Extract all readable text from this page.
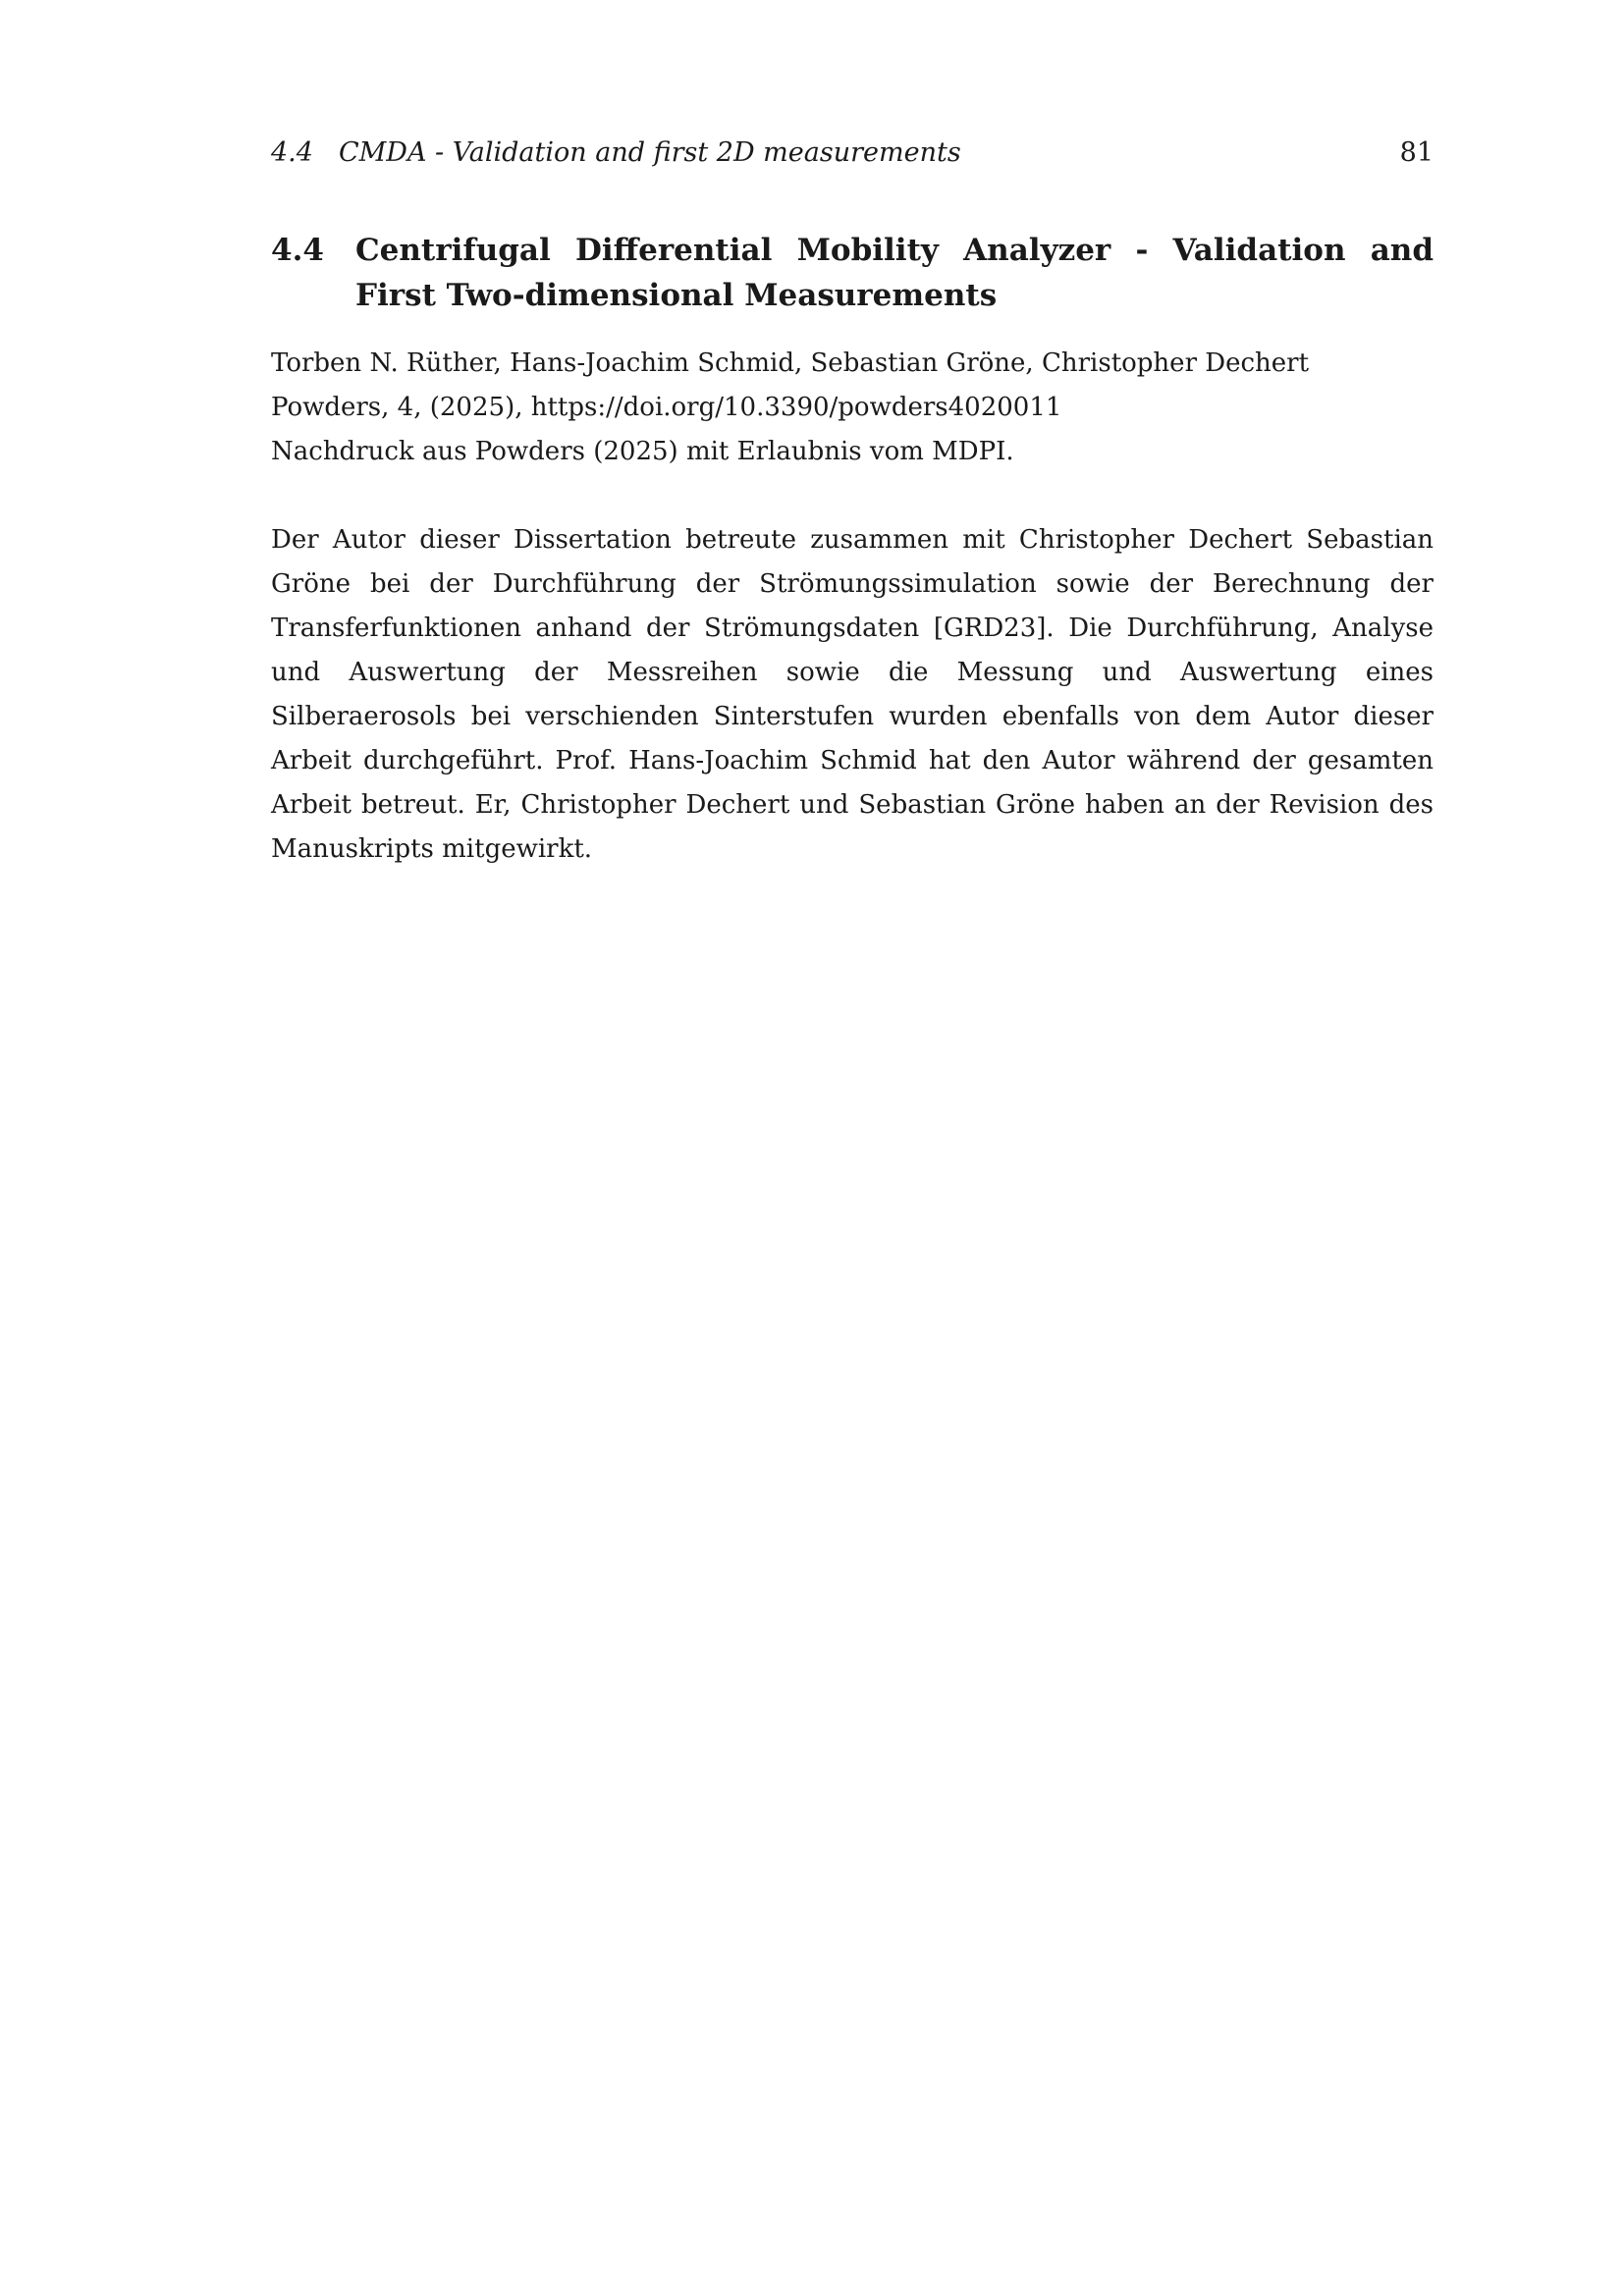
4.4 CMDA - Validation and first 2D measurements	81
4.4 Centrifugal Differential Mobility Analyzer - Validation and First Two-dimensional Measurements
Torben N. Rüther, Hans-Joachim Schmid, Sebastian Gröne, Christopher Dechert
Powders, 4, (2025), https://doi.org/10.3390/powders4020011
Nachdruck aus Powders (2025) mit Erlaubnis vom MDPI.

Der Autor dieser Dissertation betreute zusammen mit Christopher Dechert Sebastian Gröne bei der Durchführung der Strömungssimulation sowie der Berechnung der Transferfunktionen anhand der Strömungsdaten [GRD23]. Die Durchführung, Analyse und Auswertung der Messreihen sowie die Messung und Auswertung eines Silberaerosols bei verschienden Sinterstufen wurden ebenfalls von dem Autor dieser Arbeit durchgeführt. Prof. Hans-Joachim Schmid hat den Autor während der gesamten Arbeit betreut. Er, Christopher Dechert und Sebastian Gröne haben an der Revision des Manuskripts mitgewirkt.
